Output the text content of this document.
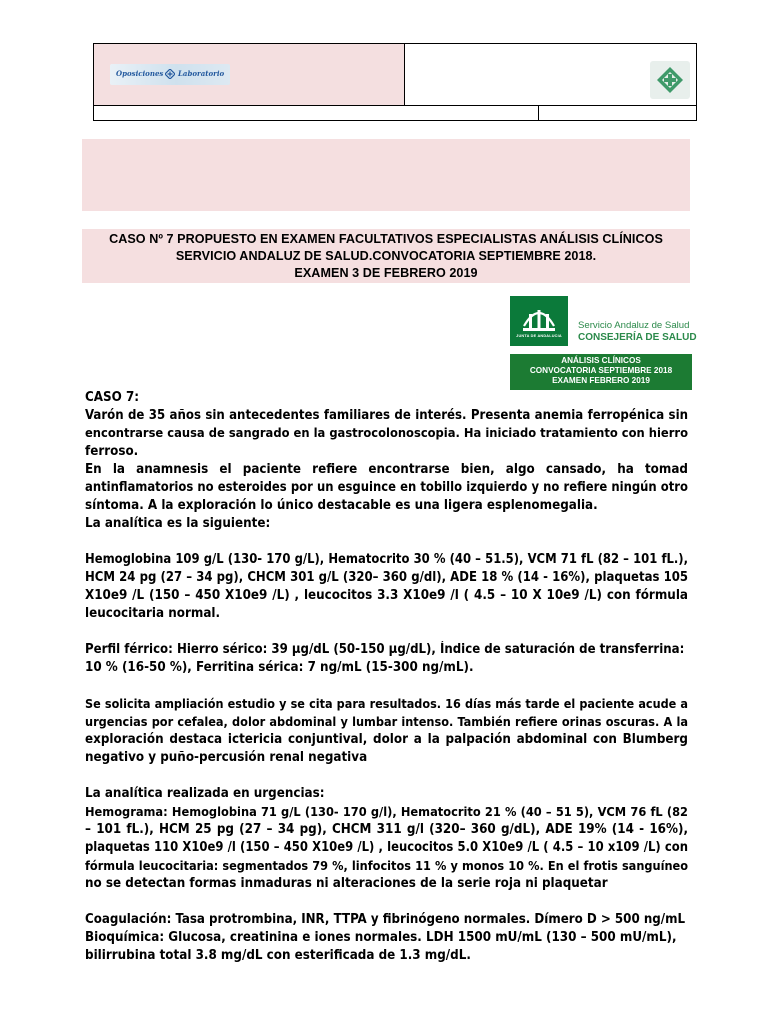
Oposiciones Laboratorio
CASO Nº 7 PROPUESTO EN EXAMEN FACULTATIVOS ESPECIALISTAS ANÁLISIS CLÍNICOS
SERVICIO ANDALUZ DE SALUD.CONVOCATORIA SEPTIEMBRE 2018.
EXAMEN 3 DE FEBRERO 2019
JUNTA DE ANDALUCIA
Servicio Andaluz de Salud
CONSEJERÍA DE SALUD
ANÁLISIS CLÍNICOS
CONVOCATORIA SEPTIEMBRE 2018
EXAMEN FEBRERO 2019
CASO 7:
Varón de 35 años sin antecedentes familiares de interés. Presenta anemia ferropénica sin
encontrarse causa de sangrado en la gastrocolonoscopia. Ha iniciado tratamiento con hierro
ferroso.
En la anamnesis el paciente refiere encontrarse bien, algo cansado, ha tomad
antinflamatorios no esteroides por un esguince en tobillo izquierdo y no refiere ningún otro
síntoma. A la exploración lo único destacable es una ligera esplenomegalia.
La analítica es la siguiente:
Hemoglobina 109 g/L (130- 170 g/L), Hematocrito 30 % (40 – 51.5), VCM 71 fL (82 – 101 fL.),
HCM 24 pg (27 – 34 pg), CHCM 301 g/L (320– 360 g/dl), ADE 18 % (14 - 16%), plaquetas 105
X10e9 /L (150 – 450 X10e9 /L) , leucocitos 3.3 X10e9 /l ( 4.5 – 10 X 10e9 /L) con fórmula
leucocitaria normal.
Perfil férrico: Hierro sérico: 39 µg/dL (50-150 µg/dL), Índice de saturación de transferrina:
10 % (16-50 %), Ferritina sérica: 7 ng/mL (15-300 ng/mL).
Se solicita ampliación estudio y se cita para resultados. 16 días más tarde el paciente acude a
urgencias por cefalea, dolor abdominal y lumbar intenso. También refiere orinas oscuras. A la
exploración destaca ictericia conjuntival, dolor a la palpación abdominal con Blumberg
negativo y puño-percusión renal negativa
La analítica realizada en urgencias:
Hemograma: Hemoglobina 71 g/L (130- 170 g/l), Hematocrito 21 % (40 – 51 5), VCM 76 fL (82
– 101 fL.), HCM 25 pg (27 – 34 pg), CHCM 311 g/l (320– 360 g/dL), ADE 19% (14 - 16%),
plaquetas 110 X10e9 /l (150 – 450 X10e9 /L) , leucocitos 5.0 X10e9 /L ( 4.5 – 10 x109 /L) con
fórmula leucocitaria: segmentados 79 %, linfocitos 11 % y monos 10 %. En el frotis sanguíneo
no se detectan formas inmaduras ni alteraciones de la serie roja ni plaquetar
Coagulación: Tasa protrombina, INR, TTPA y fibrinógeno normales. Dímero D > 500 ng/mL
Bioquímica: Glucosa, creatinina e iones normales. LDH 1500 mU/mL (130 – 500 mU/mL),
bilirrubina total 3.8 mg/dL con esterificada de 1.3 mg/dL.
